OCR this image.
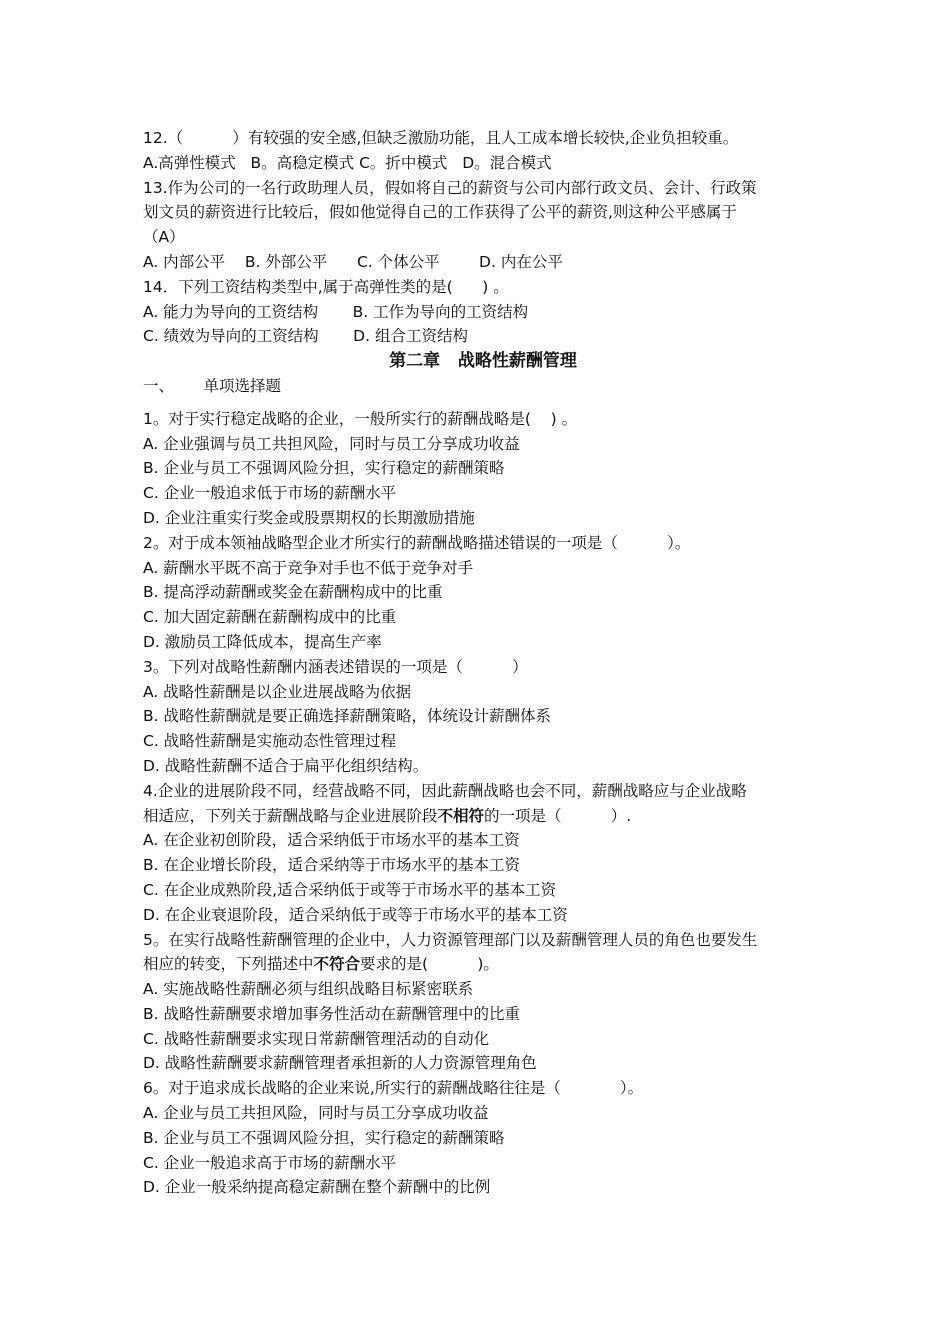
12.（          ）有较强的安全感,但缺乏激励功能，且人工成本增长较快,企业负担较重。
A.高弹性模式   B。高稳定模式 C。折中模式   D。混合模式
13.作为公司的一名行政助理人员，假如将自己的薪资与公司内部行政文员、会计、行政策
划文员的薪资进行比较后，假如他觉得自己的工作获得了公平的薪资,则这种公平感属于
（A）
A. 内部公平    B. 外部公平      C. 个体公平        D. 内在公平
14．下列工资结构类型中,属于高弹性类的是(      ) 。
A. 能力为导向的工资结构       B. 工作为导向的工资结构
C. 绩效为导向的工资结构       D. 组合工资结构
第二章   战略性薪酬管理
一、      单项选择题
1。对于实行稳定战略的企业，一般所实行的薪酬战略是(    ) 。
A. 企业强调与员工共担风险，同时与员工分享成功收益
B. 企业与员工不强调风险分担，实行稳定的薪酬策略
C. 企业一般追求低于市场的薪酬水平
D. 企业注重实行奖金或股票期权的长期激励措施
2。对于成本领袖战略型企业才所实行的薪酬战略描述错误的一项是（          ）。
A. 薪酬水平既不高于竞争对手也不低于竞争对手
B. 提高浮动薪酬或奖金在薪酬构成中的比重
C. 加大固定薪酬在薪酬构成中的比重
D. 激励员工降低成本，提高生产率
3。下列对战略性薪酬内涵表述错误的一项是（          ）
A. 战略性薪酬是以企业进展战略为依据
B. 战略性薪酬就是要正确选择薪酬策略，体统设计薪酬体系
C. 战略性薪酬是实施动态性管理过程
D. 战略性薪酬不适合于扁平化组织结构。
4.企业的进展阶段不同，经营战略不同，因此薪酬战略也会不同，薪酬战略应与企业战略
相适应，下列关于薪酬战略与企业进展阶段不相符的一项是（          ）.
A. 在企业初创阶段，适合采纳低于市场水平的基本工资
B. 在企业增长阶段，适合采纳等于市场水平的基本工资
C. 在企业成熟阶段,适合采纳低于或等于市场水平的基本工资
D. 在企业衰退阶段，适合采纳低于或等于市场水平的基本工资
5。在实行战略性薪酬管理的企业中，人力资源管理部门以及薪酬管理人员的角色也要发生
相应的转变，下列描述中不符合要求的是(          )。
A. 实施战略性薪酬必须与组织战略目标紧密联系
B. 战略性薪酬要求增加事务性活动在薪酬管理中的比重
C. 战略性薪酬要求实现日常薪酬管理活动的自动化
D. 战略性薪酬要求薪酬管理者承担新的人力资源管理角色
6。对于追求成长战略的企业来说,所实行的薪酬战略往往是（            ）。
A. 企业与员工共担风险，同时与员工分享成功收益
B. 企业与员工不强调风险分担，实行稳定的薪酬策略
C. 企业一般追求高于市场的薪酬水平
D. 企业一般采纳提高稳定薪酬在整个薪酬中的比例
